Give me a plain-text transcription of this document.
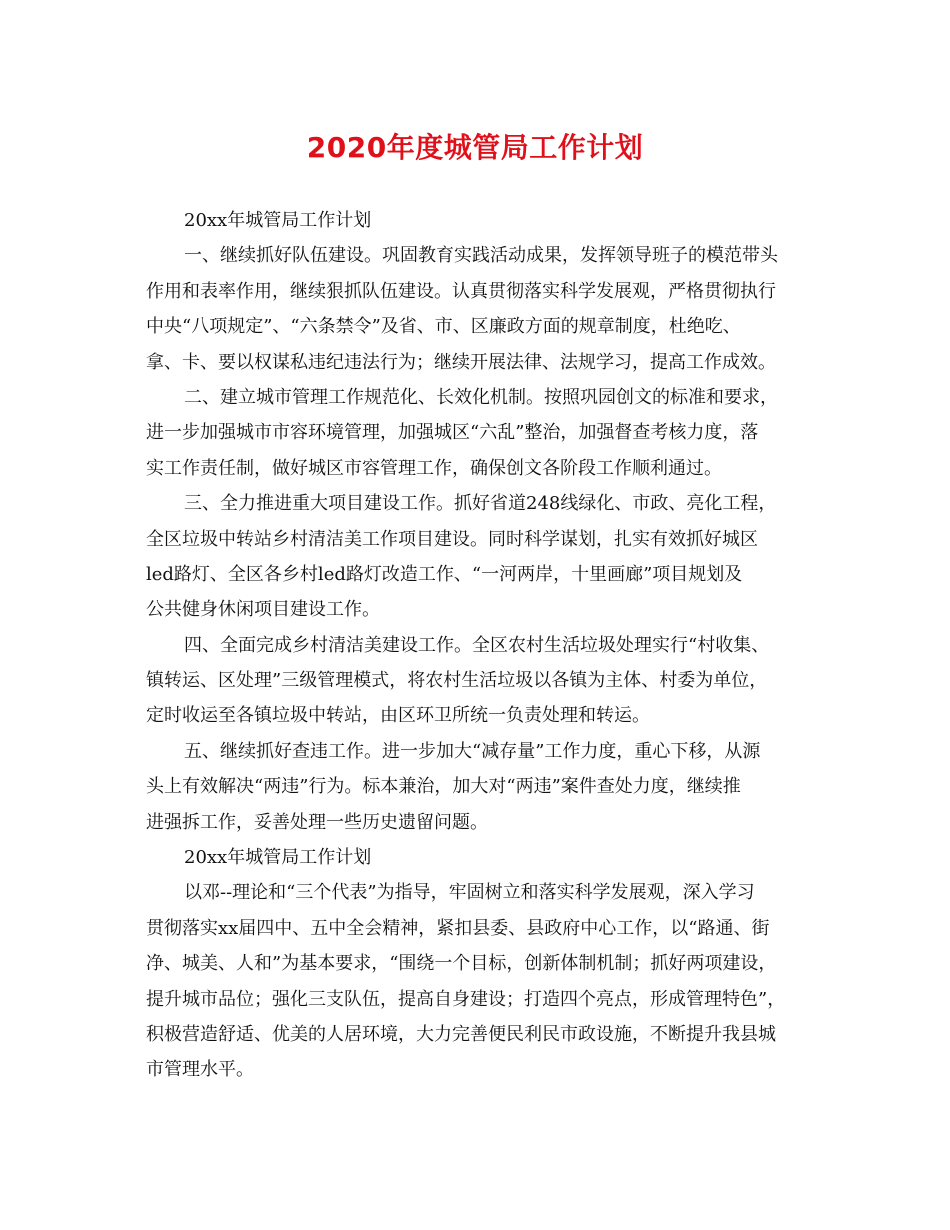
2020年度城管局工作计划
20xx年城管局工作计划
一、继续抓好队伍建设。巩固教育实践活动成果，发挥领导班子的模范带头
作用和表率作用，继续狠抓队伍建设。认真贯彻落实科学发展观，严格贯彻执行
中央“八项规定”、“六条禁令”及省、市、区廉政方面的规章制度，杜绝吃、
拿、卡、要以权谋私违纪违法行为；继续开展法律、法规学习，提高工作成效。
二、建立城市管理工作规范化、长效化机制。按照巩园创文的标准和要求，
进一步加强城市市容环境管理，加强城区“六乱”整治，加强督查考核力度，落
实工作责任制，做好城区市容管理工作，确保创文各阶段工作顺利通过。
三、全力推进重大项目建设工作。抓好省道248线绿化、市政、亮化工程，
全区垃圾中转站乡村清洁美工作项目建设。同时科学谋划，扎实有效抓好城区
led路灯、全区各乡村led路灯改造工作、“一河两岸，十里画廊”项目规划及
公共健身休闲项目建设工作。
四、全面完成乡村清洁美建设工作。全区农村生活垃圾处理实行“村收集、
镇转运、区处理”三级管理模式，将农村生活垃圾以各镇为主体、村委为单位，
定时收运至各镇垃圾中转站，由区环卫所统一负责处理和转运。
五、继续抓好查违工作。进一步加大“减存量”工作力度，重心下移，从源
头上有效解决“两违”行为。标本兼治，加大对“两违”案件查处力度，继续推
进强拆工作，妥善处理一些历史遗留问题。
20xx年城管局工作计划
以邓--理论和“三个代表”为指导，牢固树立和落实科学发展观，深入学习
贯彻落实xx届四中、五中全会精神，紧扣县委、县政府中心工作，以“路通、街
净、城美、人和”为基本要求，“围绕一个目标，创新体制机制；抓好两项建设，
提升城市品位；强化三支队伍，提高自身建设；打造四个亮点，形成管理特色”，
积极营造舒适、优美的人居环境，大力完善便民利民市政设施，不断提升我县城
市管理水平。
